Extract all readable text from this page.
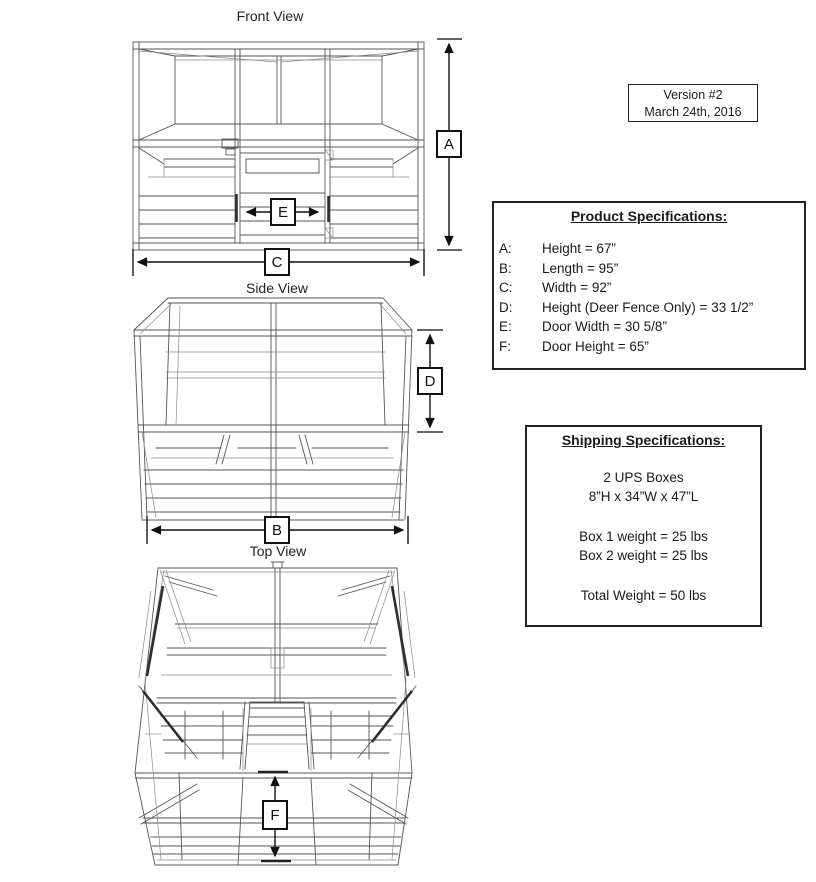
Front View
Side View
Top View
E
A
C
D
B
F
Version #2
March 24th, 2016
Product Specifications:
A:	Height = 67”
B:	Length = 95”
C:	Width = 92”
D:	Height (Deer Fence Only) = 33 1/2”
E:	Door Width = 30 5/8”
F:	Door Height = 65”
Shipping Specifications:
2 UPS Boxes
8”H x 34”W x 47”L
Box 1 weight = 25 lbs
Box 2 weight = 25 lbs
Total Weight = 50 lbs
